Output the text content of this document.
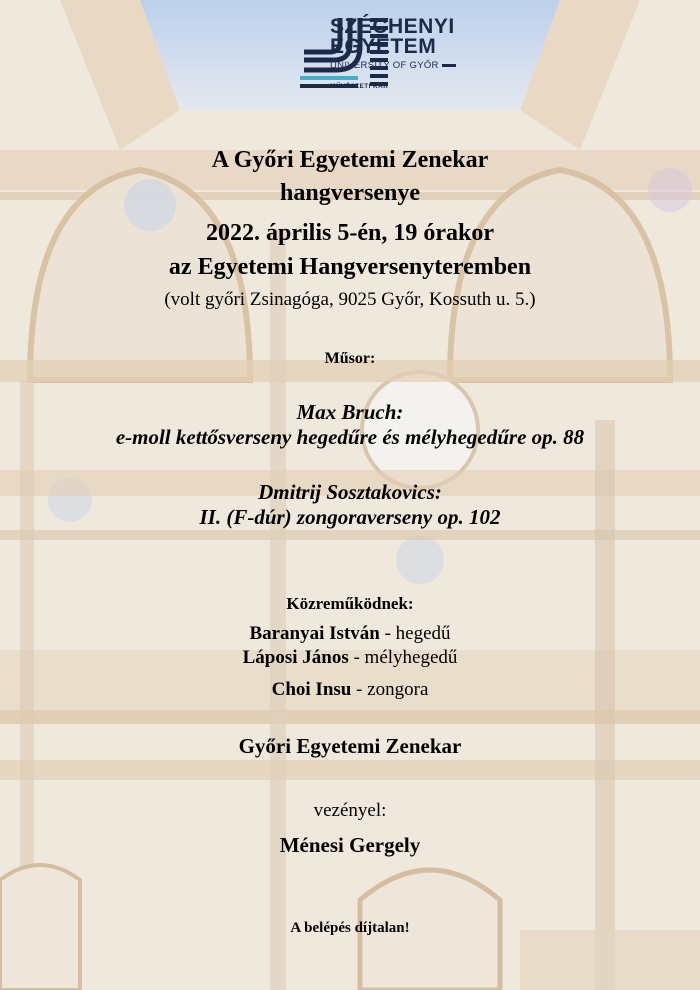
SZÉCHENYI
EGYETEM
UNIVERSITY OF GYŐR
MŰVÉSZETI KAR
A Győri Egyetemi Zenekar
hangversenye
2022. április 5-én, 19 órakor
az Egyetemi Hangversenyteremben
(volt győri Zsinagóga, 9025 Győr, Kossuth u. 5.)
Műsor:
Max Bruch:
e-moll kettősverseny hegedűre és mélyhegedűre op. 88
Dmitrij Sosztakovics:
II. (F-dúr) zongoraverseny op. 102
Közreműködnek:
Baranyai István - hegedű
Láposi János - mélyhegedű
Choi Insu - zongora
Győri Egyetemi Zenekar
vezényel:
Ménesi Gergely
A belépés díjtalan!
